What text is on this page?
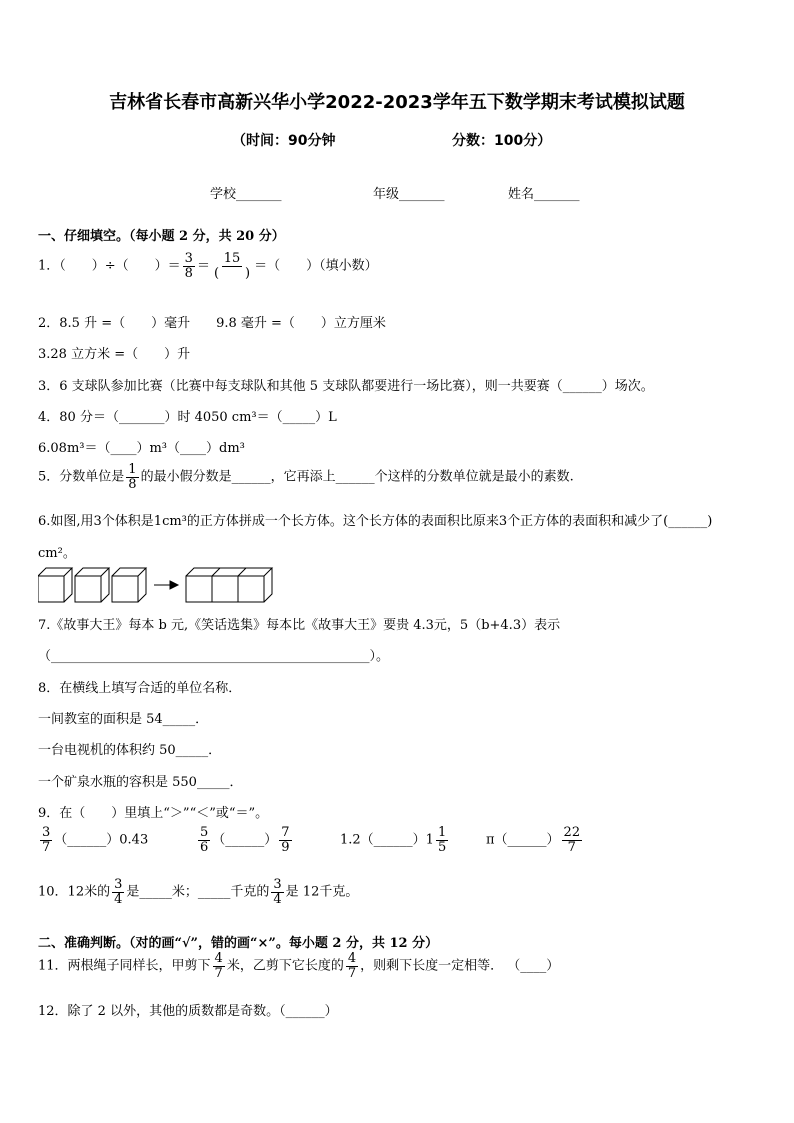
吉林省长春市高新兴华小学2022-2023学年五下数学期末考试模拟试题
（时间：90分钟	分数：100分）
学校_______	年级_______	姓名_______
一、仔细填空。（每小题 2 分，共 20 分）
1．（　　）÷（　　）＝ $\frac{3}{8} = \frac{15}{( )}$ ＝（　　）（填小数）
2．8.5 升 =（　　）毫升　　9.8 毫升 =（　　）立方厘米
3.28 立方米 =（　　）升
3．6 支球队参加比赛（比赛中每支球队和其他 5 支球队都要进行一场比赛），则一共要赛（______）场次。
4．80 分＝（_______）时 4050 cm³＝（_____）L
6.08m³＝（____）m³（____）dm³
5．分数单位是 $\frac{1}{8}$ 的最小假分数是______，它再添上______个这样的分数单位就是最小的素数.
6.如图,用3个体积是1cm³的正方体拼成一个长方体。这个长方体的表面积比原来3个正方体的表面积和减少了(______)
cm²。
7.《故事大王》每本 b 元,《笑话选集》每本比《故事大王》要贵 4.3元，5（b+4.3）表示
（_________________________________________________）。
8．在横线上填写合适的单位名称．
一间教室的面积是 54_____．
一台电视机的体积约 50_____．
一个矿泉水瓶的容积是 550_____．
9．在（　　）里填上“＞”“＜”或“＝”。
$\frac{3}{7}$ （______）0.43	$\frac{5}{6}$ （______） $\frac{7}{9}$	1.2（______）1 $\frac{1}{5}$	π（______） $\frac{22}{7}$
10．12米的 $\frac{3}{4}$ 是_____米；_____千克的 $\frac{3}{4}$ 是 12千克。
二、准确判断。（对的画“√”，错的画“×”。每小题 2 分，共 12 分）
11．两根绳子同样长，甲剪下 $\frac{4}{7}$ 米，乙剪下它长度的 $\frac{4}{7}$ ，则剩下长度一定相等． （____）
12．除了 2 以外，其他的质数都是奇数。（______）
